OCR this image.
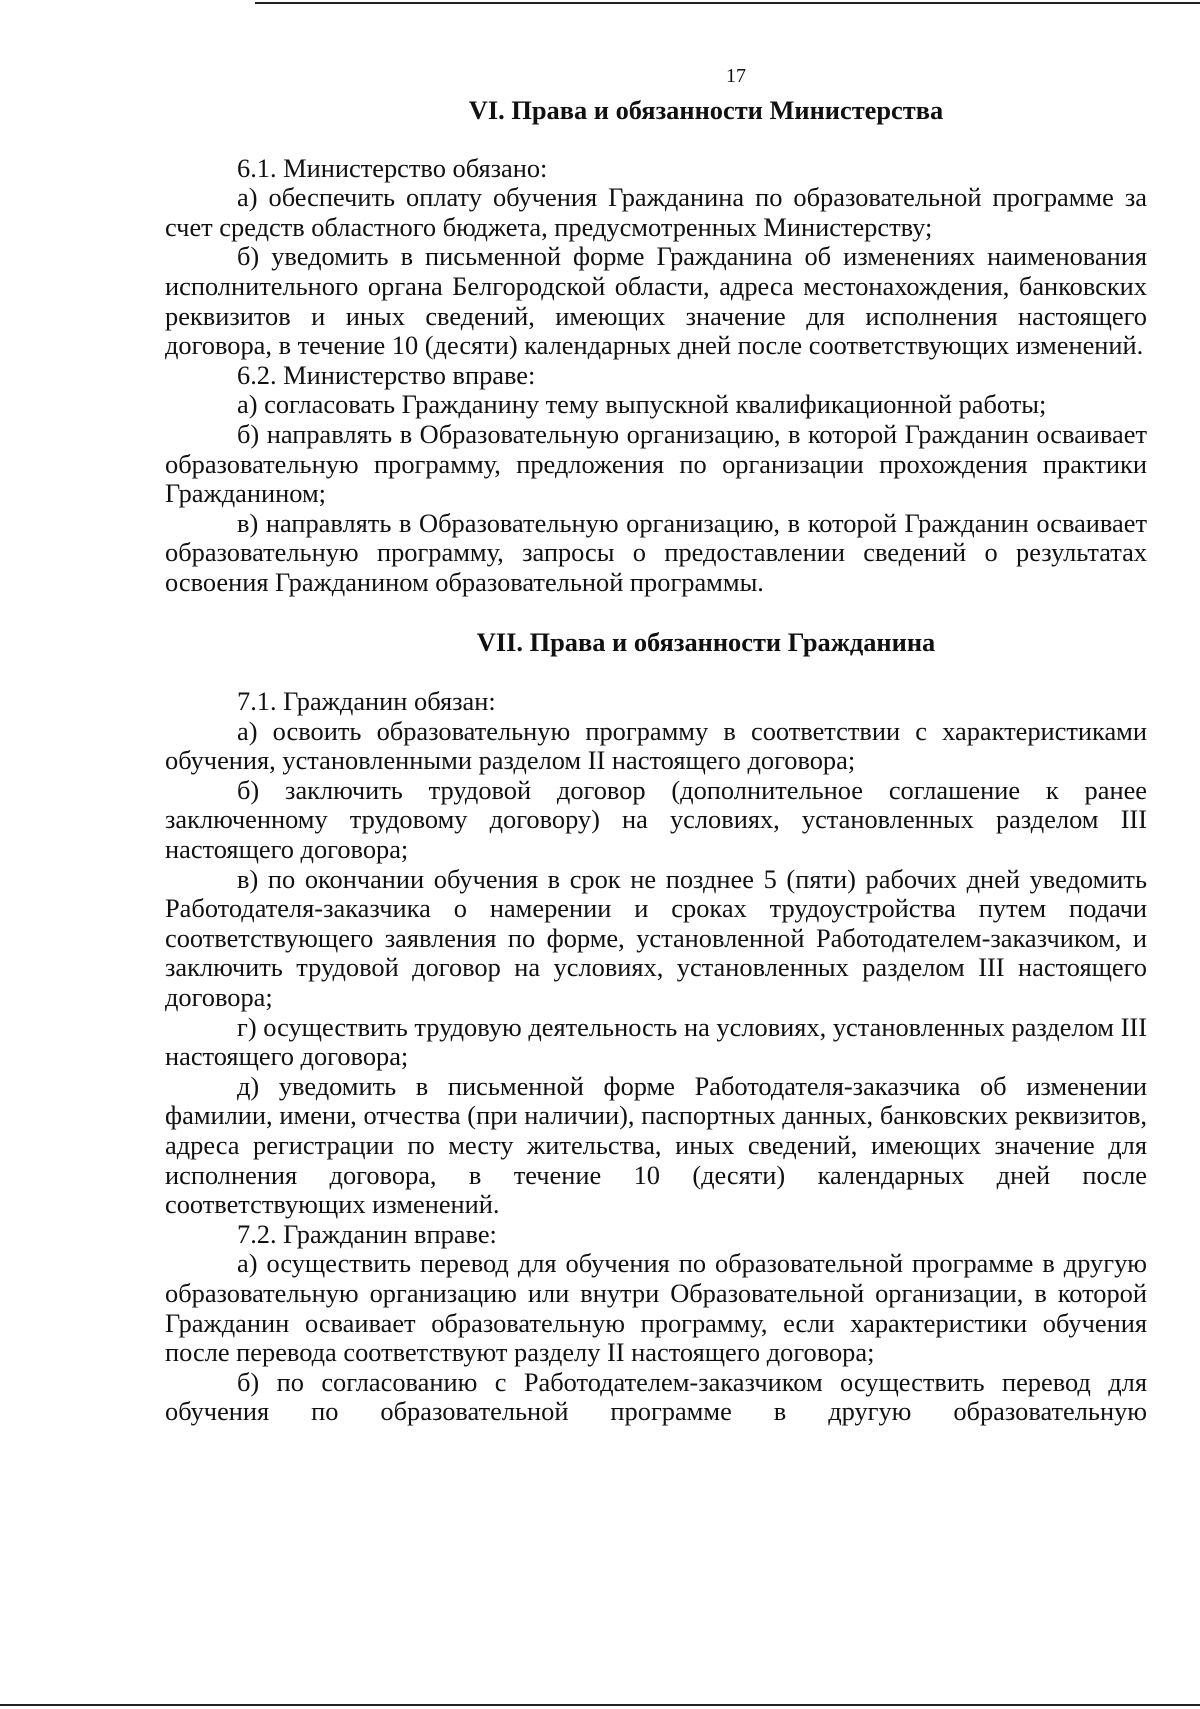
17
VI. Права и обязанности Министерства

6.1. Министерство обязано:

а) обеспечить оплату обучения Гражданина по образовательной программе за счет средств областного бюджета, предусмотренных Министерству;

б) уведомить в письменной форме Гражданина об изменениях наименования исполнительного органа Белгородской области, адреса местонахождения, банковских реквизитов и иных сведений, имеющих значение для исполнения настоящего договора, в течение 10 (десяти) календарных дней после соответствующих изменений.

6.2. Министерство вправе:

а) согласовать Гражданину тему выпускной квалификационной работы;

б) направлять в Образовательную организацию, в которой Гражданин осваивает образовательную программу, предложения по организации прохождения практики Гражданином;

в) направлять в Образовательную организацию, в которой Гражданин осваивает образовательную программу, запросы о предоставлении сведений о результатах освоения Гражданином образовательной программы.

VII. Права и обязанности Гражданина

7.1. Гражданин обязан:

а) освоить образовательную программу в соответствии с характеристиками обучения, установленными разделом II настоящего договора;

б) заключить трудовой договор (дополнительное соглашение к ранее заключенному трудовому договору) на условиях, установленных разделом III настоящего договора;

в) по окончании обучения в срок не позднее 5 (пяти) рабочих дней уведомить Работодателя-заказчика о намерении и сроках трудоустройства путем подачи соответствующего заявления по форме, установленной Работодателем-заказчиком, и заключить трудовой договор на условиях, установленных разделом III настоящего договора;

г) осуществить трудовую деятельность на условиях, установленных разделом III настоящего договора;

д) уведомить в письменной форме Работодателя-заказчика об изменении фамилии, имени, отчества (при наличии), паспортных данных, банковских реквизитов, адреса регистрации по месту жительства, иных сведений, имеющих значение для исполнения договора, в течение 10 (десяти) календарных дней после соответствующих изменений.

7.2. Гражданин вправе:

а) осуществить перевод для обучения по образовательной программе в другую образовательную организацию или внутри Образовательной организации, в которой Гражданин осваивает образовательную программу, если характеристики обучения после перевода соответствуют разделу II настоящего договора;

б) по согласованию с Работодателем-заказчиком осуществить перевод для обучения по образовательной программе в другую образовательную
